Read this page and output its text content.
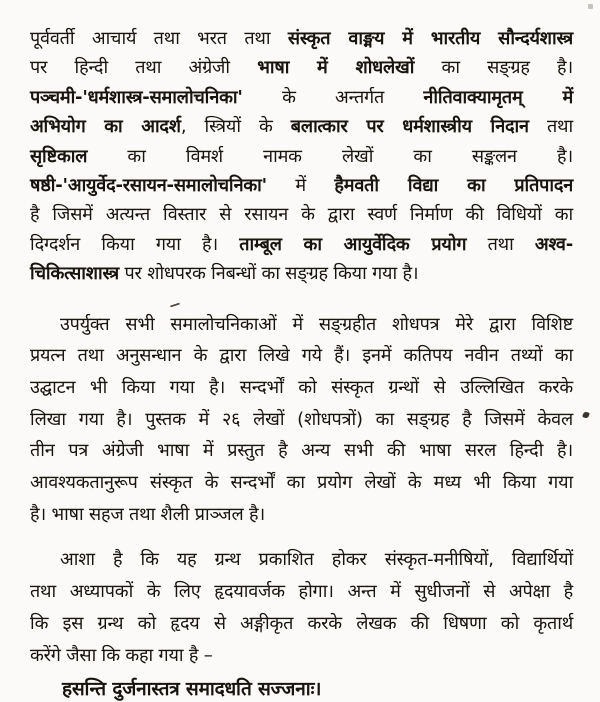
पूर्ववर्ती आचार्य तथा भरत तथा संस्कृत वाङ्मय में भारतीय सौन्दर्यशास्त्र
पर हिन्दी तथा अंग्रेजी भाषा में शोधलेखों का सङ्ग्रह है।
पञ्चमी-'धर्मशास्त्र-समालोचनिका' के अन्तर्गत नीतिवाक्यामृतम् में
अभियोग का आदर्श, स्त्रियों के बलात्कार पर धर्मशास्त्रीय निदान तथा
सृष्टिकाल का विमर्श नामक लेखों का सङ्कलन है।
षष्ठी-'आयुर्वेद-रसायन-समालोचनिका' में हैमवती विद्या का प्रतिपादन
है जिसमें अत्यन्त विस्तार से रसायन के द्वारा स्वर्ण निर्माण की विधियों का
दिग्दर्शन किया गया है। ताम्बूल का आयुर्वेदिक प्रयोग तथा अश्व-
चिकित्साशास्त्र पर शोधपरक निबन्धों का सङ्ग्रह किया गया है।
उपर्युक्त सभी समालोचनिकाओं में सङ्ग्रहीत शोधपत्र मेरे द्वारा विशिष्ट
प्रयत्न तथा अनुसन्धान के द्वारा लिखे गये हैं। इनमें कतिपय नवीन तथ्यों का
उद्घाटन भी किया गया है। सन्दर्भों को संस्कृत ग्रन्थों से उल्लिखित करके
लिखा गया है। पुस्तक में २६ लेखों (शोधपत्रों) का सङ्ग्रह है जिसमें केवल
तीन पत्र अंग्रेजी भाषा में प्रस्तुत है अन्य सभी की भाषा सरल हिन्दी है।
आवश्यकतानुरूप संस्कृत के सन्दर्भों का प्रयोग लेखों के मध्य भी किया गया
है। भाषा सहज तथा शैली प्राञ्जल है।
आशा है कि यह ग्रन्थ प्रकाशित होकर संस्कृत-मनीषियों, विद्यार्थियों
तथा अध्यापकों के लिए हृदयावर्जक होगा। अन्त में सुधीजनों से अपेक्षा है
कि इस ग्रन्थ को हृदय से अङ्गीकृत करके लेखक की धिषणा को कृतार्थ
करेंगे जैसा कि कहा गया है –
हसन्ति दुर्जनास्तत्र समादधति सज्जनाः।
